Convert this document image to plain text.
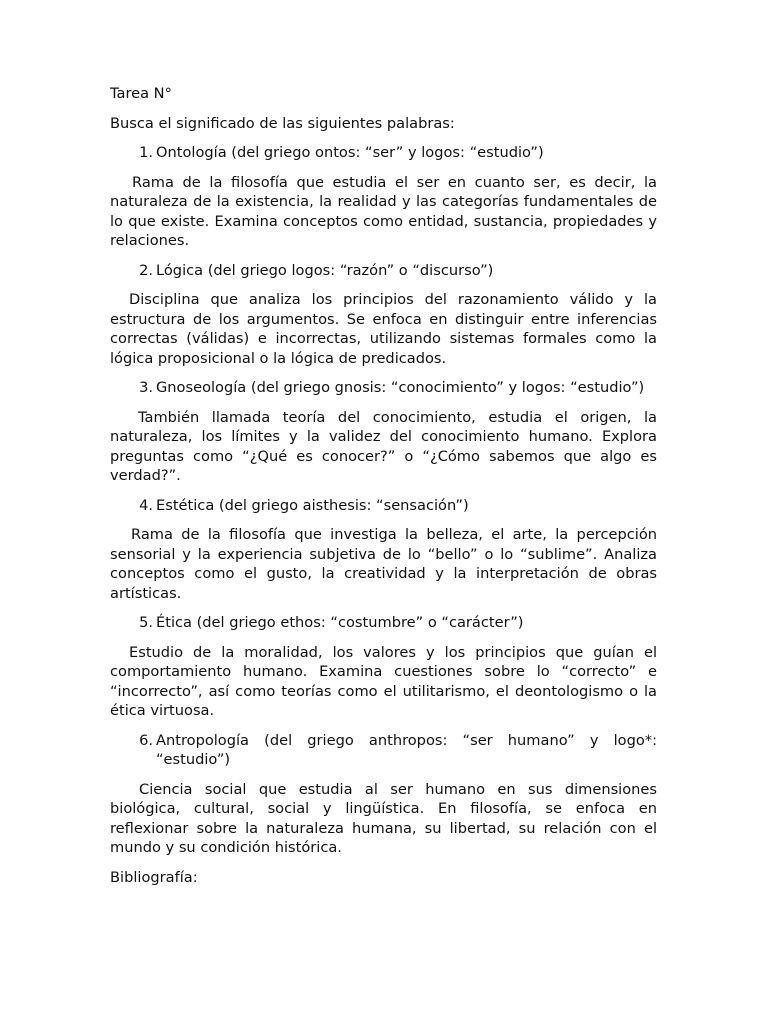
Tarea N°

Busca el significado de las siguientes palabras:

1. Ontología (del griego ontos: “ser” y logos: “estudio”)

Rama de la filosofía que estudia el ser en cuanto ser, es decir, la naturaleza de la existencia, la realidad y las categorías fundamentales de lo que existe. Examina conceptos como entidad, sustancia, propiedades y relaciones.

2. Lógica (del griego logos: “razón” o “discurso”)

Disciplina que analiza los principios del razonamiento válido y la estructura de los argumentos. Se enfoca en distinguir entre inferencias correctas (válidas) e incorrectas, utilizando sistemas formales como la lógica proposicional o la lógica de predicados.

3. Gnoseología (del griego gnosis: “conocimiento” y logos: “estudio”)

También llamada teoría del conocimiento, estudia el origen, la naturaleza, los límites y la validez del conocimiento humano. Explora preguntas como “¿Qué es conocer?” o “¿Cómo sabemos que algo es verdad?”.

4. Estética (del griego aisthesis: “sensación”)

Rama de la filosofía que investiga la belleza, el arte, la percepción sensorial y la experiencia subjetiva de lo “bello” o lo “sublime”. Analiza conceptos como el gusto, la creatividad y la interpretación de obras artísticas.

5. Ética (del griego ethos: “costumbre” o “carácter”)

Estudio de la moralidad, los valores y los principios que guían el comportamiento humano. Examina cuestiones sobre lo “correcto” e “incorrecto”, así como teorías como el utilitarismo, el deontologismo o la ética virtuosa.

6. Antropología (del griego anthropos: “ser humano” y logo*: “estudio”)

Ciencia social que estudia al ser humano en sus dimensiones biológica, cultural, social y lingüística. En filosofía, se enfoca en reflexionar sobre la naturaleza humana, su libertad, su relación con el mundo y su condición histórica.

Bibliografía:
